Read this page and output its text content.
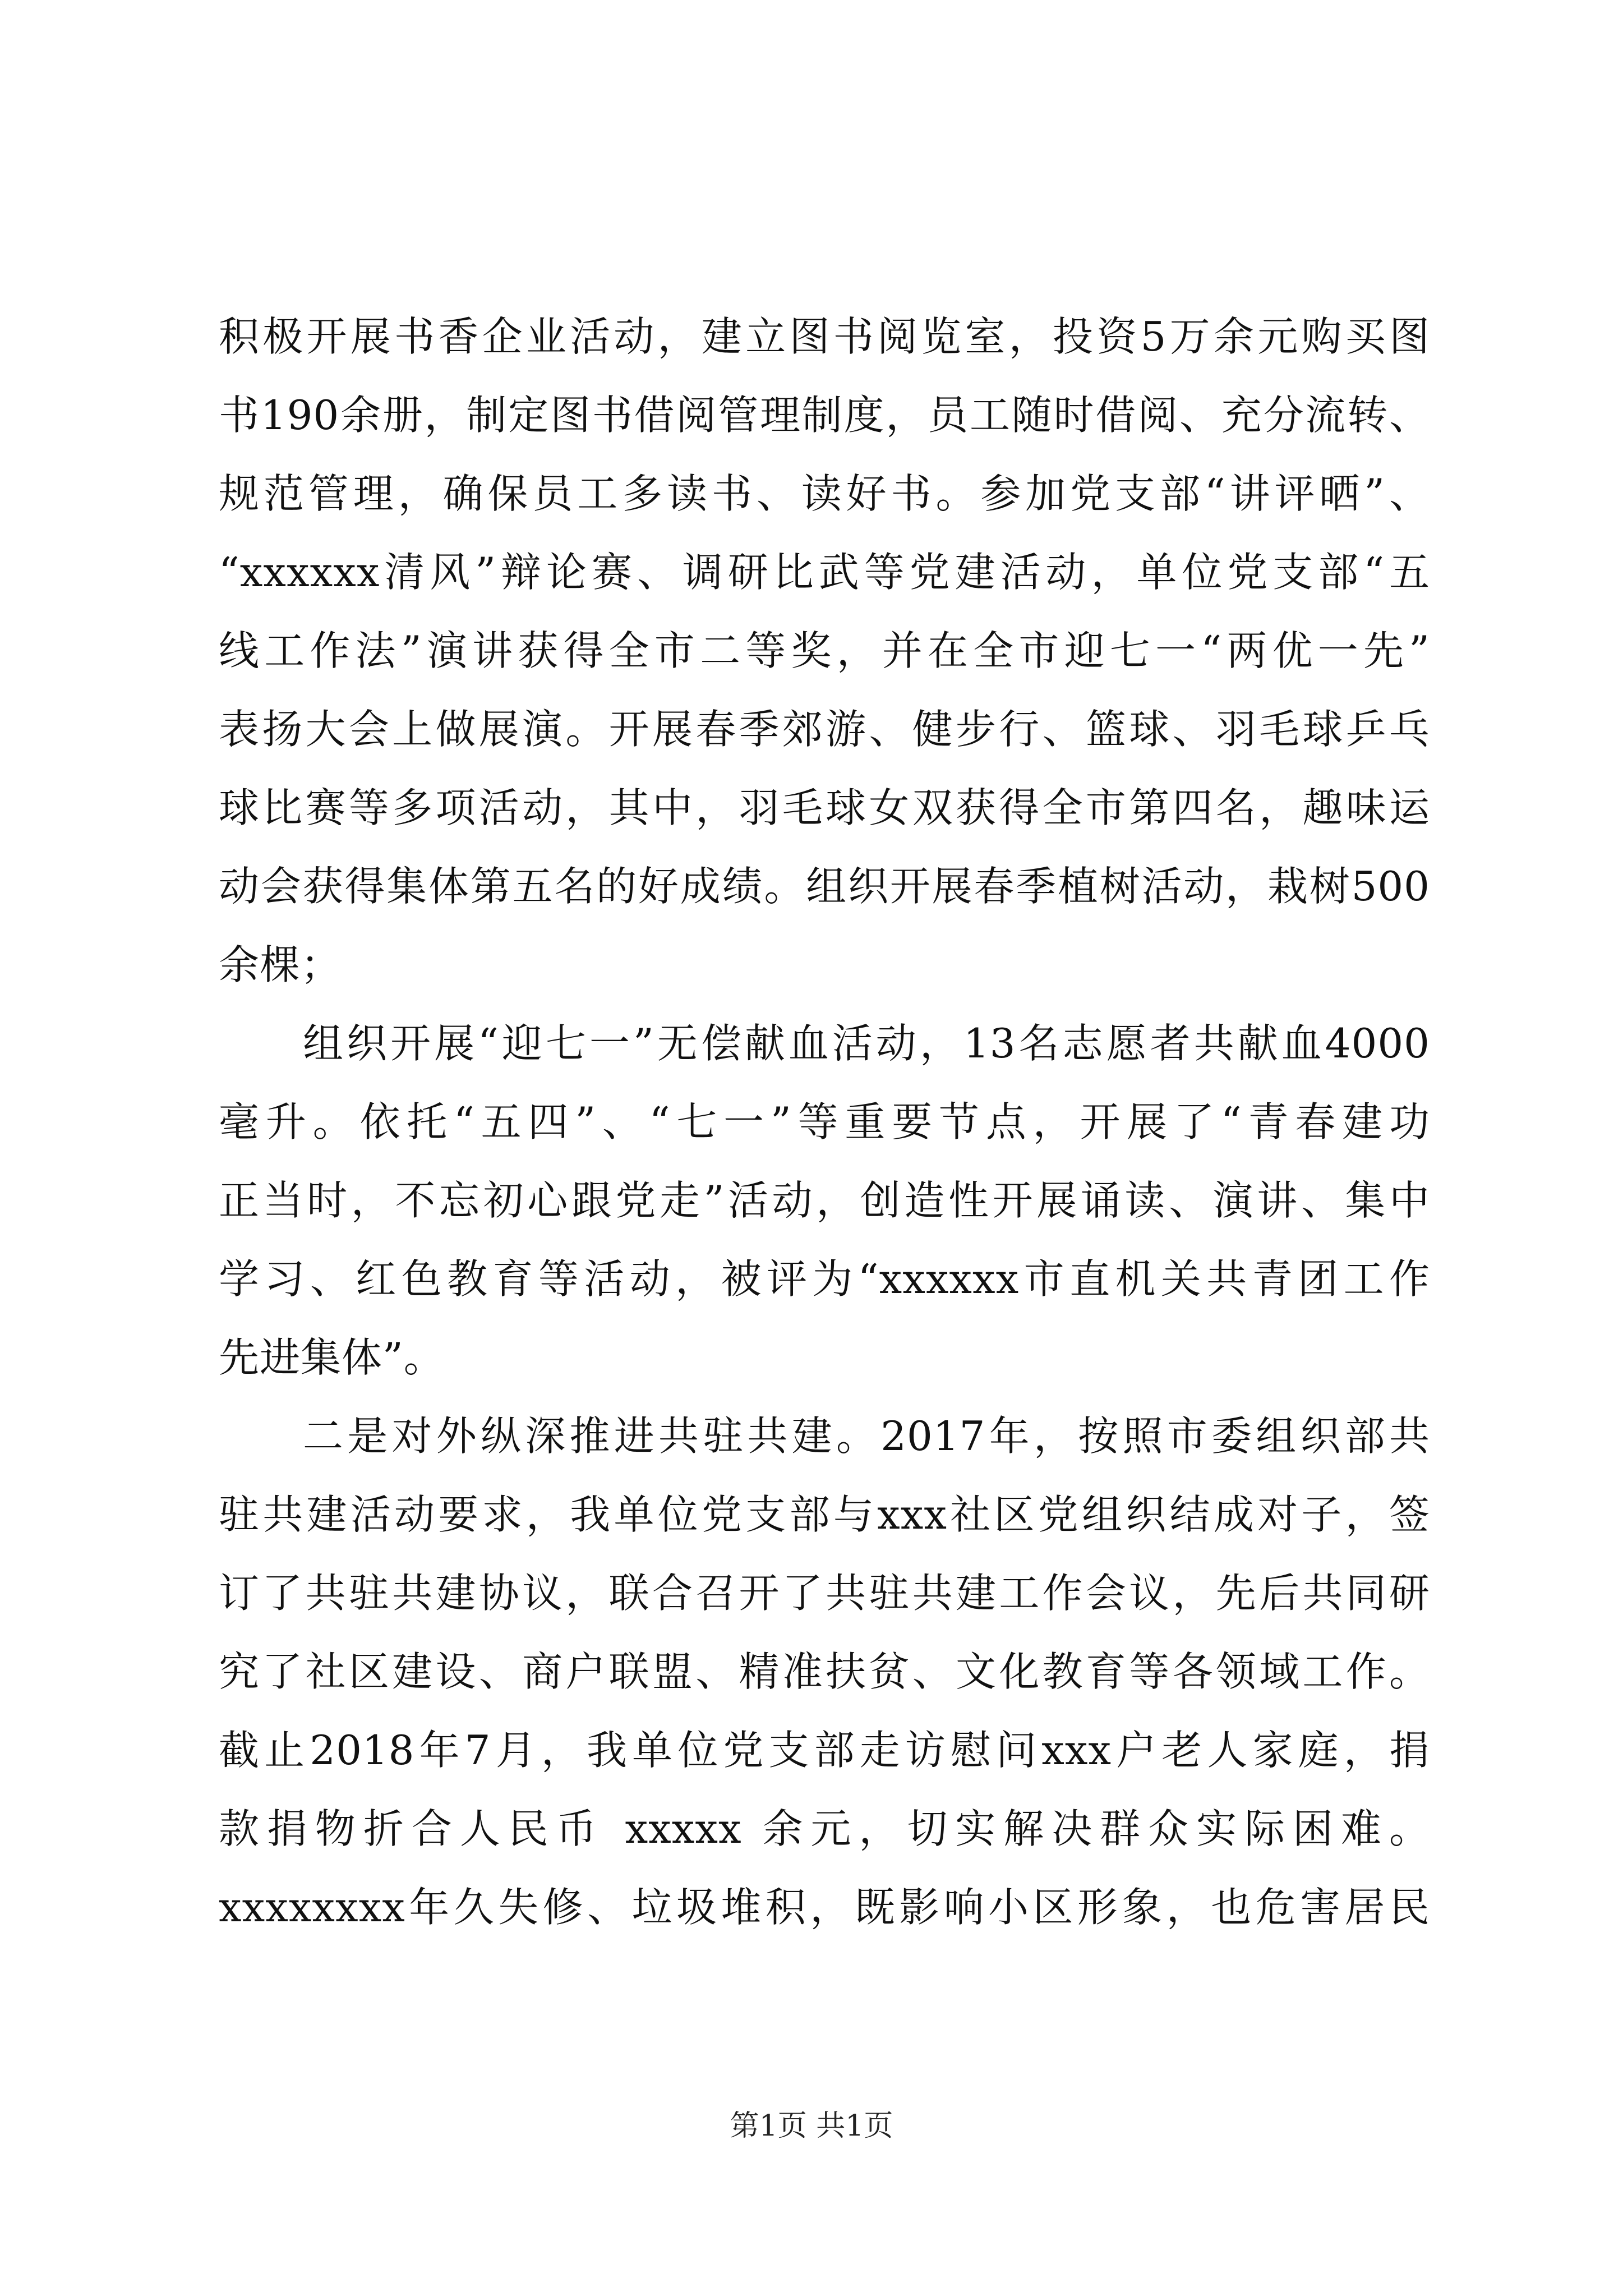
积极开展书香企业活动，建立图书阅览室，投资5万余元购买图
书190余册，制定图书借阅管理制度，员工随时借阅、充分流转、
规范管理，确保员工多读书、读好书。参加党支部“讲评晒”、
“xxxxxx清风”辩论赛、调研比武等党建活动，单位党支部“五
线工作法”演讲获得全市二等奖，并在全市迎七一“两优一先”
表扬大会上做展演。开展春季郊游、健步行、篮球、羽毛球乒乓
球比赛等多项活动，其中，羽毛球女双获得全市第四名，趣味运
动会获得集体第五名的好成绩。组织开展春季植树活动，栽树500
余棵；
组织开展“迎七一”无偿献血活动，13名志愿者共献血4000
毫升。依托“五四”、“七一”等重要节点，开展了“青春建功
正当时，不忘初心跟党走”活动，创造性开展诵读、演讲、集中
学习、红色教育等活动，被评为“xxxxxx市直机关共青团工作
先进集体”。
二是对外纵深推进共驻共建。2017年，按照市委组织部共
驻共建活动要求，我单位党支部与xxx社区党组织结成对子，签
订了共驻共建协议，联合召开了共驻共建工作会议，先后共同研
究了社区建设、商户联盟、精准扶贫、文化教育等各领域工作。
截止2018年7月，我单位党支部走访慰问xxx户老人家庭，捐
款捐物折合人民币 xxxxx 余元，切实解决群众实际困难。
xxxxxxxx年久失修、垃圾堆积，既影响小区形象，也危害居民
第1页 共1页
